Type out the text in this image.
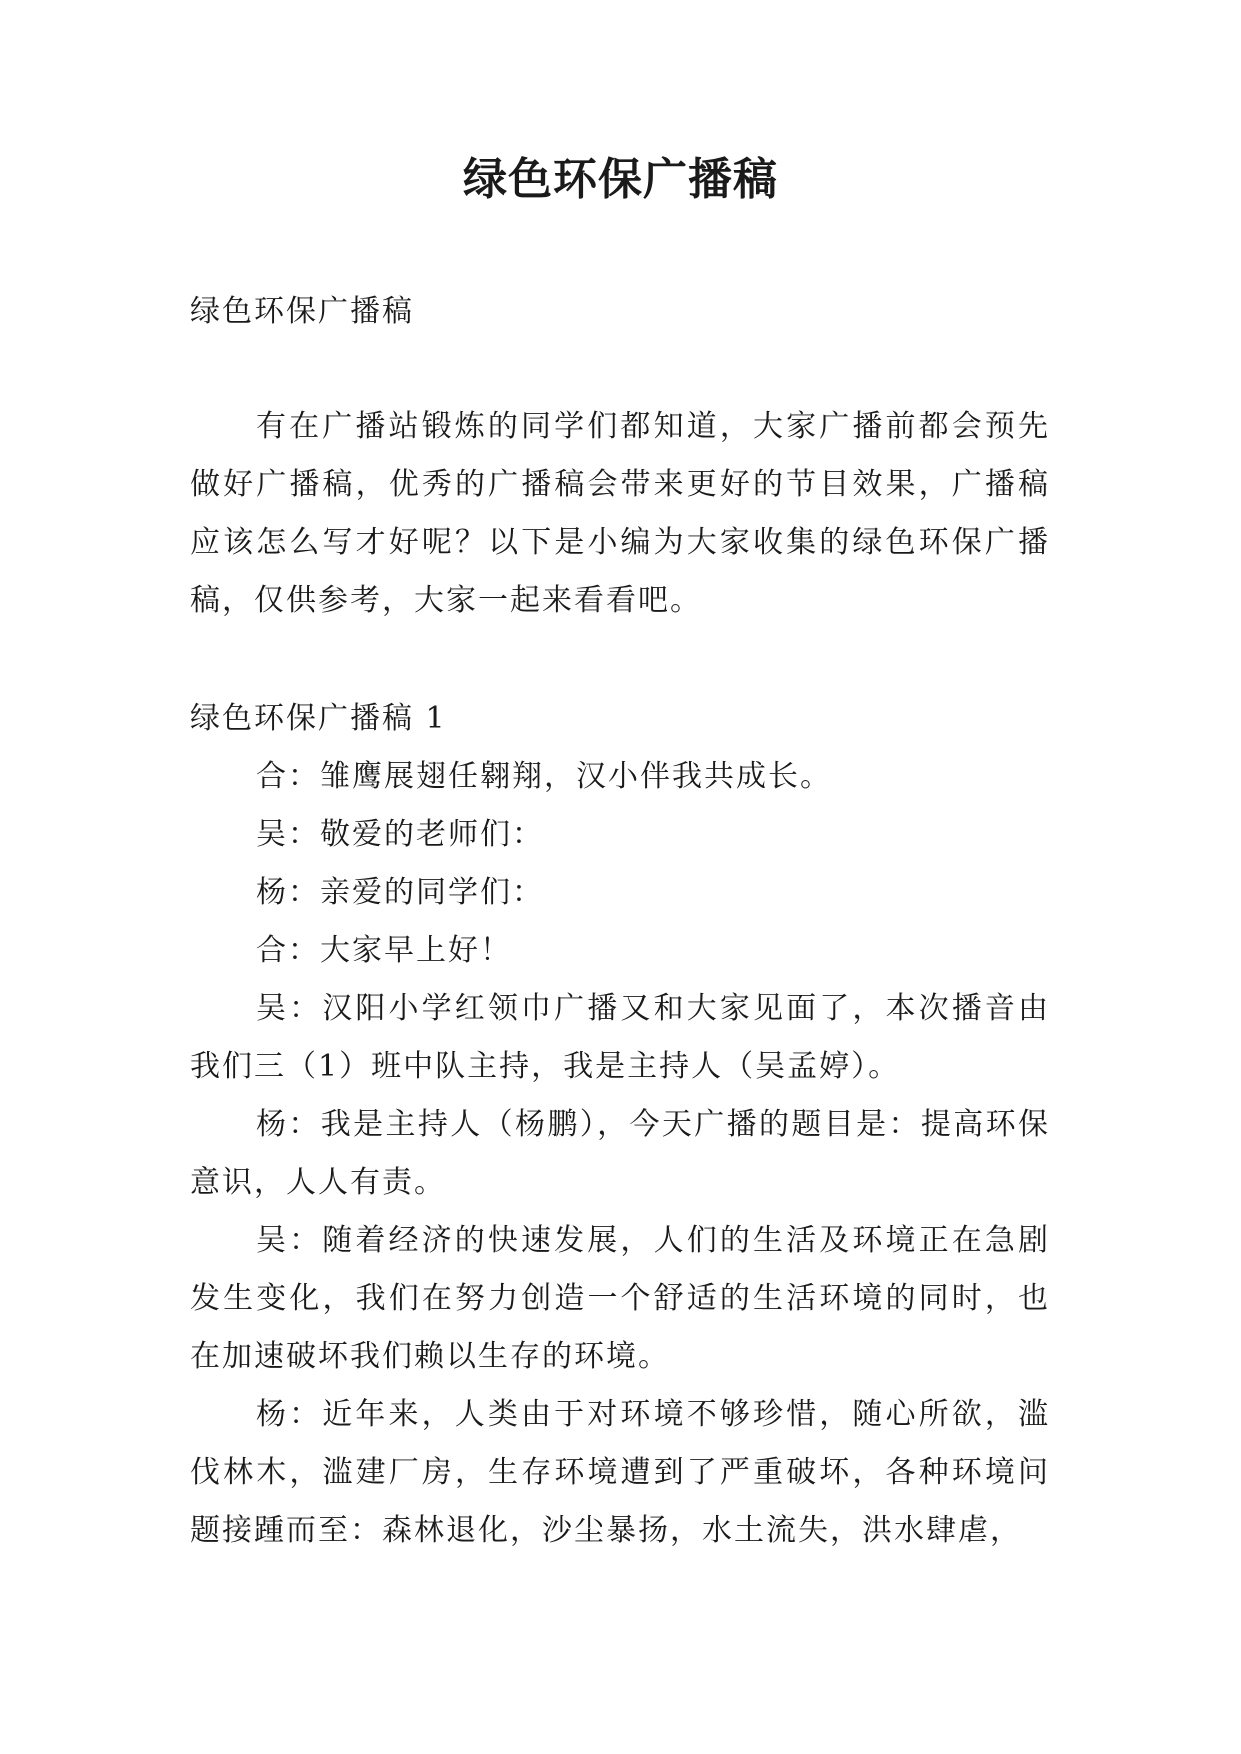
绿色环保广播稿

绿色环保广播稿

有在广播站锻炼的同学们都知道，大家广播前都会预先做好广播稿，优秀的广播稿会带来更好的节目效果，广播稿应该怎么写才好呢？以下是小编为大家收集的绿色环保广播稿，仅供参考，大家一起来看看吧。

绿色环保广播稿 1

合：雏鹰展翅任翱翔，汉小伴我共成长。

吴：敬爱的老师们：

杨：亲爱的同学们：

合：大家早上好！

吴：汉阳小学红领巾广播又和大家见面了，本次播音由我们三（1）班中队主持，我是主持人（吴孟婷）。

杨：我是主持人（杨鹏），今天广播的题目是：提高环保意识，人人有责。

吴：随着经济的快速发展，人们的生活及环境正在急剧发生变化，我们在努力创造一个舒适的生活环境的同时，也在加速破坏我们赖以生存的环境。

杨：近年来，人类由于对环境不够珍惜，随心所欲，滥伐林木，滥建厂房，生存环境遭到了严重破坏，各种环境问题接踵而至：森林退化，沙尘暴扬，水土流失，洪水肆虐，
